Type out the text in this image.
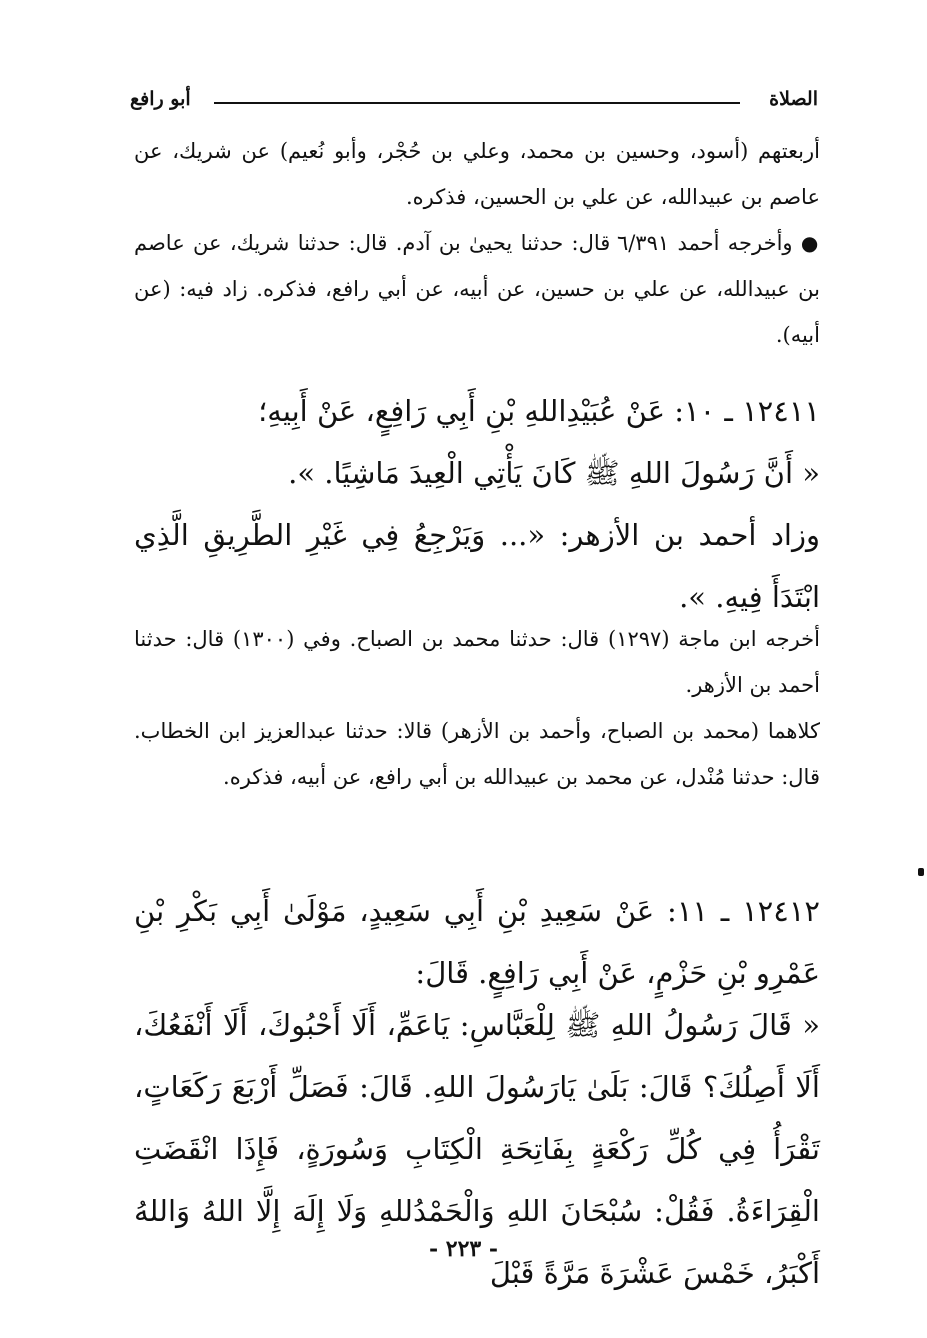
الصلاة
أبو رافع

أربعتهم (أسود، وحسين بن محمد، وعلي بن حُجْر، وأبو نُعيم) عن شريك، عن عاصم بن عبيدالله، عن علي بن الحسين، فذكره.

● وأخرجه أحمد ٦/٣٩١ قال: حدثنا يحيىٰ بن آدم. قال: حدثنا شريك، عن عاصم بن عبيدالله، عن علي بن حسين، عن أبيه، عن أبي رافع، فذكره. زاد فيه: (عن أبيه).

١٢٤١١ ـ ١٠: عَنْ عُبَيْدِاللهِ بْنِ أَبِي رَافِعٍ، عَنْ أَبِيهِ؛

« أَنَّ رَسُولَ اللهِ ﷺ كَانَ يَأْتِي الْعِيدَ مَاشِيًا. ».

وزاد أحمد بن الأزهر: «... وَيَرْجِعُ فِي غَيْرِ الطَّرِيقِ الَّذِي ابْتَدَأَ فِيهِ. ».

أخرجه ابن ماجة (١٢٩٧) قال: حدثنا محمد بن الصباح. وفي (١٣٠٠) قال: حدثنا أحمد بن الأزهر.

كلاهما (محمد بن الصباح، وأحمد بن الأزهر) قالا: حدثنا عبدالعزيز ابن الخطاب. قال: حدثنا مُنْدل، عن محمد بن عبيدالله بن أبي رافع، عن أبيه، فذكره.

١٢٤١٢ ـ ١١: عَنْ سَعِيدِ بْنِ أَبِي سَعِيدٍ، مَوْلَىٰ أَبِي بَكْرِ بْنِ عَمْرِو بْنِ حَزْمٍ، عَنْ أَبِي رَافِعٍ. قَالَ:

« قَالَ رَسُولُ اللهِ ﷺ لِلْعَبَّاسِ: يَاعَمِّ، أَلَا أَحْبُوكَ، أَلَا أَنْفَعُكَ، أَلَا أَصِلُكَ؟ قَالَ: بَلَىٰ يَارَسُولَ اللهِ. قَالَ: فَصَلِّ أَرْبَعَ رَكَعَاتٍ، تَقْرَأُ فِي كُلِّ رَكْعَةٍ بِفَاتِحَةِ الْكِتَابِ وَسُورَةٍ، فَإِذَا انْقَضَتِ الْقِرَاءَةُ. فَقُلْ: سُبْحَانَ اللهِ وَالْحَمْدُللهِ وَلَا إِلَهَ إِلَّا اللهُ وَاللهُ أَكْبَرُ، خَمْسَ عَشْرَةَ مَرَّةً قَبْلَ

- ٢٢٣ -
